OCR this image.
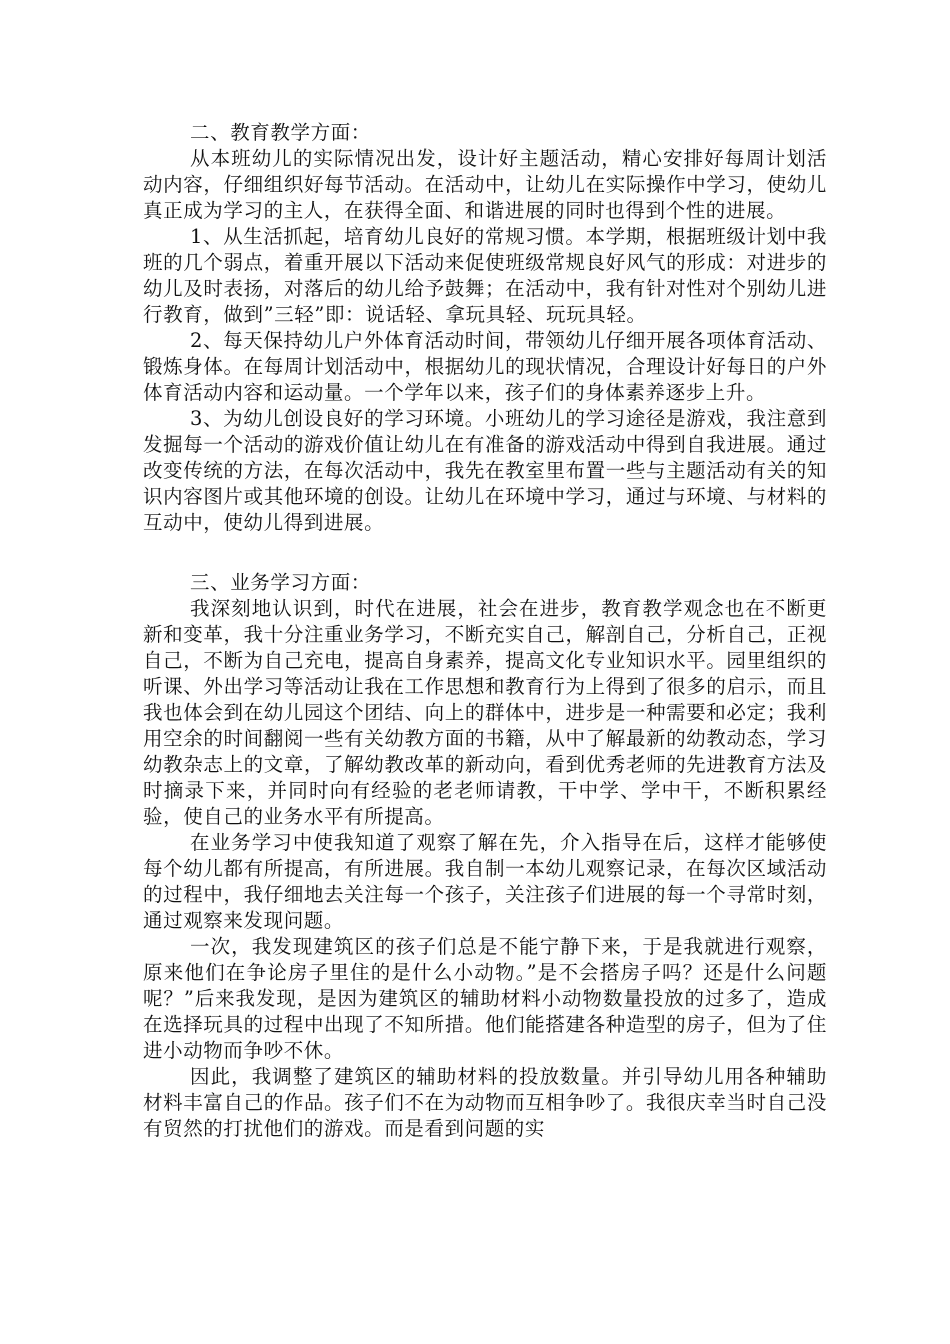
二、教育教学方面：

从本班幼儿的实际情况出发，设计好主题活动，精心安排好每周计划活动内容，仔细组织好每节活动。在活动中，让幼儿在实际操作中学习，使幼儿真正成为学习的主人，在获得全面、和谐进展的同时也得到个性的进展。

1、从生活抓起，培育幼儿良好的常规习惯。本学期，根据班级计划中我班的几个弱点，着重开展以下活动来促使班级常规良好风气的形成：对进步的幼儿及时表扬，对落后的幼儿给予鼓舞；在活动中，我有针对性对个别幼儿进行教育，做到”三轻”即：说话轻、拿玩具轻、玩玩具轻。

2、每天保持幼儿户外体育活动时间，带领幼儿仔细开展各项体育活动、锻炼身体。在每周计划活动中，根据幼儿的现状情况，合理设计好每日的户外体育活动内容和运动量。一个学年以来，孩子们的身体素养逐步上升。

3、为幼儿创设良好的学习环境。小班幼儿的学习途径是游戏，我注意到发掘每一个活动的游戏价值让幼儿在有准备的游戏活动中得到自我进展。通过改变传统的方法，在每次活动中，我先在教室里布置一些与主题活动有关的知识内容图片或其他环境的创设。让幼儿在环境中学习，通过与环境、与材料的互动中，使幼儿得到进展。

三、业务学习方面：

我深刻地认识到，时代在进展，社会在进步，教育教学观念也在不断更新和变革，我十分注重业务学习，不断充实自己，解剖自己，分析自己，正视自己，不断为自己充电，提高自身素养，提高文化专业知识水平。园里组织的听课、外出学习等活动让我在工作思想和教育行为上得到了很多的启示，而且我也体会到在幼儿园这个团结、向上的群体中，进步是一种需要和必定；我利用空余的时间翻阅一些有关幼教方面的书籍，从中了解最新的幼教动态，学习幼教杂志上的文章，了解幼教改革的新动向，看到优秀老师的先进教育方法及时摘录下来，并同时向有经验的老老师请教，干中学、学中干，不断积累经验，使自己的业务水平有所提高。

在业务学习中使我知道了观察了解在先，介入指导在后，这样才能够使每个幼儿都有所提高，有所进展。我自制一本幼儿观察记录，在每次区域活动的过程中，我仔细地去关注每一个孩子，关注孩子们进展的每一个寻常时刻，通过观察来发现问题。

一次，我发现建筑区的孩子们总是不能宁静下来，于是我就进行观察，原来他们在争论房子里住的是什么小动物。”是不会搭房子吗？还是什么问题呢？”后来我发现，是因为建筑区的辅助材料小动物数量投放的过多了，造成在选择玩具的过程中出现了不知所措。他们能搭建各种造型的房子，但为了住进小动物而争吵不休。

因此，我调整了建筑区的辅助材料的投放数量。并引导幼儿用各种辅助材料丰富自己的作品。孩子们不在为动物而互相争吵了。我很庆幸当时自己没有贸然的打扰他们的游戏。而是看到问题的实
